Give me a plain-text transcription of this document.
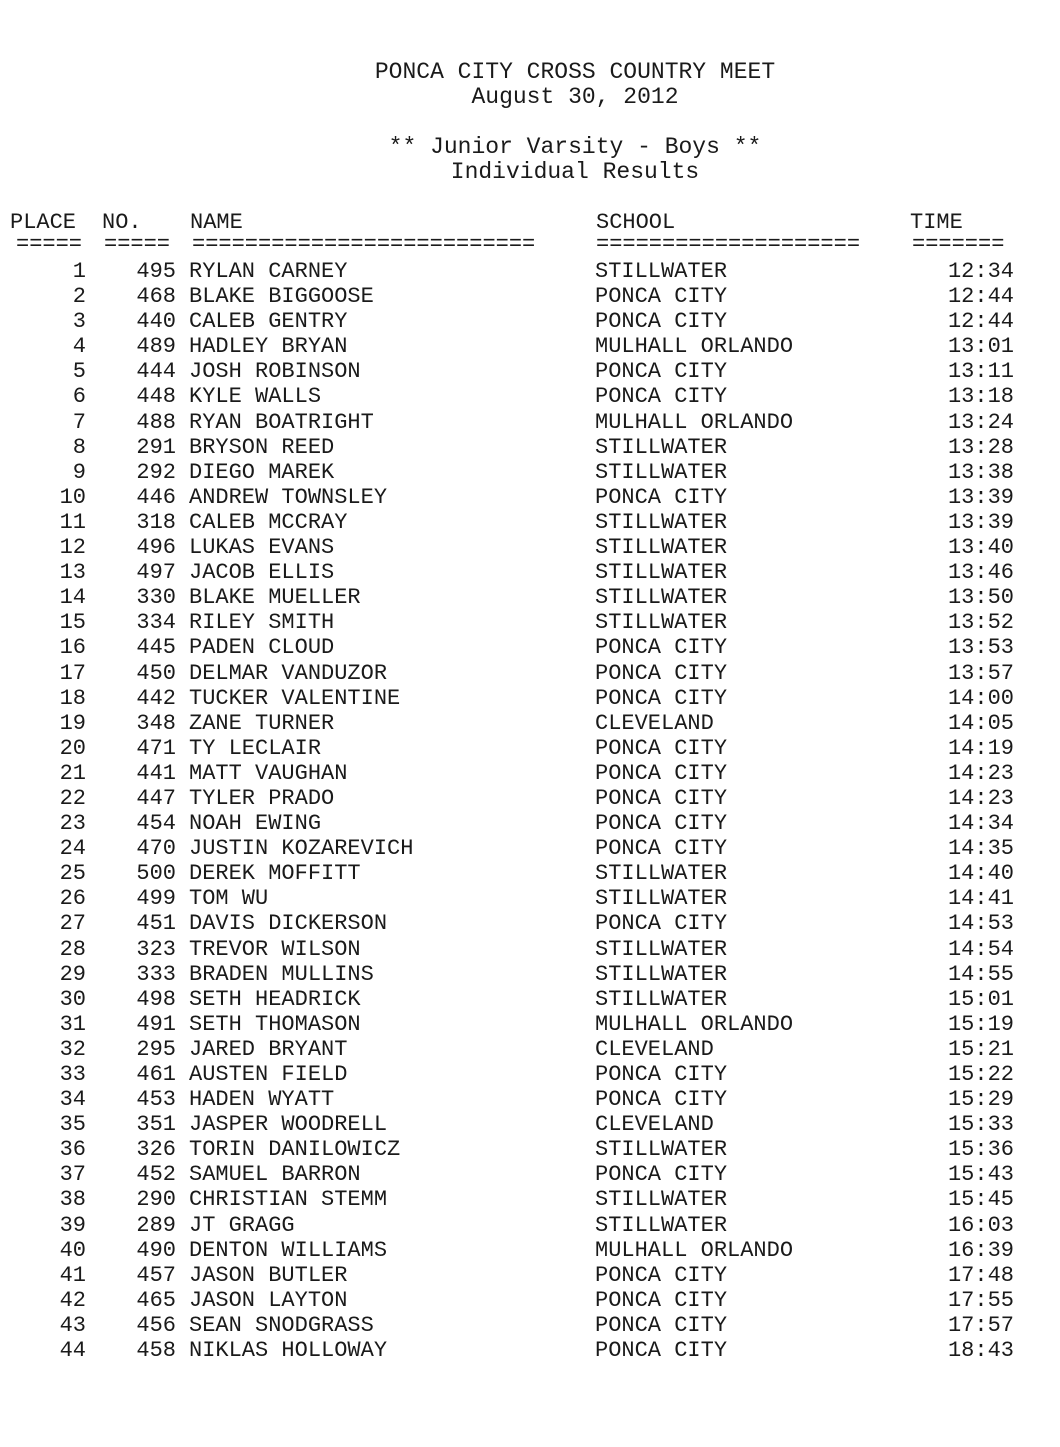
PONCA CITY CROSS COUNTRY MEET
August 30, 2012
** Junior Varsity - Boys **
Individual Results
PLACE NO. NAME	SCHOOL	TIME
===== ===== ==========================	====================	=======
1	495 RYLAN CARNEY	STILLWATER	12:34
2	468 BLAKE BIGGOOSE	PONCA CITY	12:44
3	440 CALEB GENTRY	PONCA CITY	12:44
4	489 HADLEY BRYAN	MULHALL ORLANDO	13:01
5	444 JOSH ROBINSON	PONCA CITY	13:11
6	448 KYLE WALLS	PONCA CITY	13:18
7	488 RYAN BOATRIGHT	MULHALL ORLANDO	13:24
8	291 BRYSON REED	STILLWATER	13:28
9	292 DIEGO MAREK	STILLWATER	13:38
10	446 ANDREW TOWNSLEY	PONCA CITY	13:39
11	318 CALEB MCCRAY	STILLWATER	13:39
12	496 LUKAS EVANS	STILLWATER	13:40
13	497 JACOB ELLIS	STILLWATER	13:46
14	330 BLAKE MUELLER	STILLWATER	13:50
15	334 RILEY SMITH	STILLWATER	13:52
16	445 PADEN CLOUD	PONCA CITY	13:53
17	450 DELMAR VANDUZOR	PONCA CITY	13:57
18	442 TUCKER VALENTINE	PONCA CITY	14:00
19	348 ZANE TURNER	CLEVELAND	14:05
20	471 TY LECLAIR	PONCA CITY	14:19
21	441 MATT VAUGHAN	PONCA CITY	14:23
22	447 TYLER PRADO	PONCA CITY	14:23
23	454 NOAH EWING	PONCA CITY	14:34
24	470 JUSTIN KOZAREVICH	PONCA CITY	14:35
25	500 DEREK MOFFITT	STILLWATER	14:40
26	499 TOM WU	STILLWATER	14:41
27	451 DAVIS DICKERSON	PONCA CITY	14:53
28	323 TREVOR WILSON	STILLWATER	14:54
29	333 BRADEN MULLINS	STILLWATER	14:55
30	498 SETH HEADRICK	STILLWATER	15:01
31	491 SETH THOMASON	MULHALL ORLANDO	15:19
32	295 JARED BRYANT	CLEVELAND	15:21
33	461 AUSTEN FIELD	PONCA CITY	15:22
34	453 HADEN WYATT	PONCA CITY	15:29
35	351 JASPER WOODRELL	CLEVELAND	15:33
36	326 TORIN DANILOWICZ	STILLWATER	15:36
37	452 SAMUEL BARRON	PONCA CITY	15:43
38	290 CHRISTIAN STEMM	STILLWATER	15:45
39	289 JT GRAGG	STILLWATER	16:03
40	490 DENTON WILLIAMS	MULHALL ORLANDO	16:39
41	457 JASON BUTLER	PONCA CITY	17:48
42	465 JASON LAYTON	PONCA CITY	17:55
43	456 SEAN SNODGRASS	PONCA CITY	17:57
44	458 NIKLAS HOLLOWAY	PONCA CITY	18:43
